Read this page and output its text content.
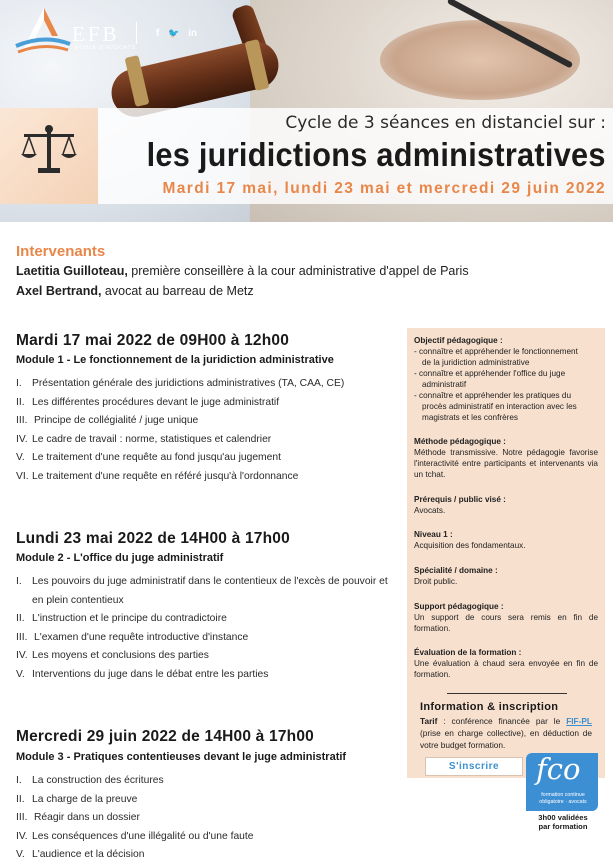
EFB
ÉCOLE D'AVOCATS
f 🐦 in
Cycle de 3 séances en distanciel sur :
les juridictions administratives
Mardi 17 mai, lundi 23 mai et mercredi 29 juin 2022
Intervenants
Laetitia Guilloteau, première conseillère à la cour administrative d'appel de Paris
Axel Bertrand, avocat au barreau de Metz
Mardi 17 mai 2022 de 09H00 à 12h00
Module 1 - Le fonctionnement de la juridiction administrative
I. Présentation générale des juridictions administratives (TA, CAA, CE)
II. Les différentes procédures devant le juge administratif
III. Principe de collégialité / juge unique
IV. Le cadre de travail : norme, statistiques et calendrier
V. Le traitement d'une requête au fond jusqu'au jugement
VI. Le traitement d'une requête en référé jusqu'à l'ordonnance
Lundi 23 mai 2022 de 14H00 à 17h00
Module 2 - L'office du juge administratif
I. Les pouvoirs du juge administratif dans le contentieux de l'excès de pouvoir et en plein contentieux
II. L'instruction et le principe du contradictoire
III. L'examen d'une requête introductive d'instance
IV. Les moyens et conclusions des parties
V. Interventions du juge dans le débat entre les parties
Mercredi 29 juin 2022 de 14H00 à 17h00
Module 3 - Pratiques contentieuses devant le juge administratif
I. La construction des écritures
II. La charge de la preuve
III. Réagir dans un dossier
IV. Les conséquences d'une illégalité ou d'une faute
V. L'audience et la décision
Objectif pédagogique :
- connaître et appréhender le fonctionnement
de la juridiction administrative
- connaître et appréhender l'office du juge
administratif
- connaître et appréhender les pratiques du
procès administratif en interaction avec les
magistrats et les confrères
Méthode pédagogique :
Méthode transmissive. Notre pédagogie favorise l'interactivité entre participants et intervenants via un tchat.
Prérequis / public visé :
Avocats.
Niveau 1 :
Acquisition des fondamentaux.
Spécialité / domaine :
Droit public.
Support pédagogique :
Un support de cours sera remis en fin de formation.
Évaluation de la formation :
Une évaluation à chaud sera envoyée en fin de formation.
Information & inscription
Tarif : conférence financée par le FIF-PL (prise en charge collective), en déduction de votre budget formation.
S'inscrire	fco
formation continue
obligatoire · avocats
3h00 validées
par formation
